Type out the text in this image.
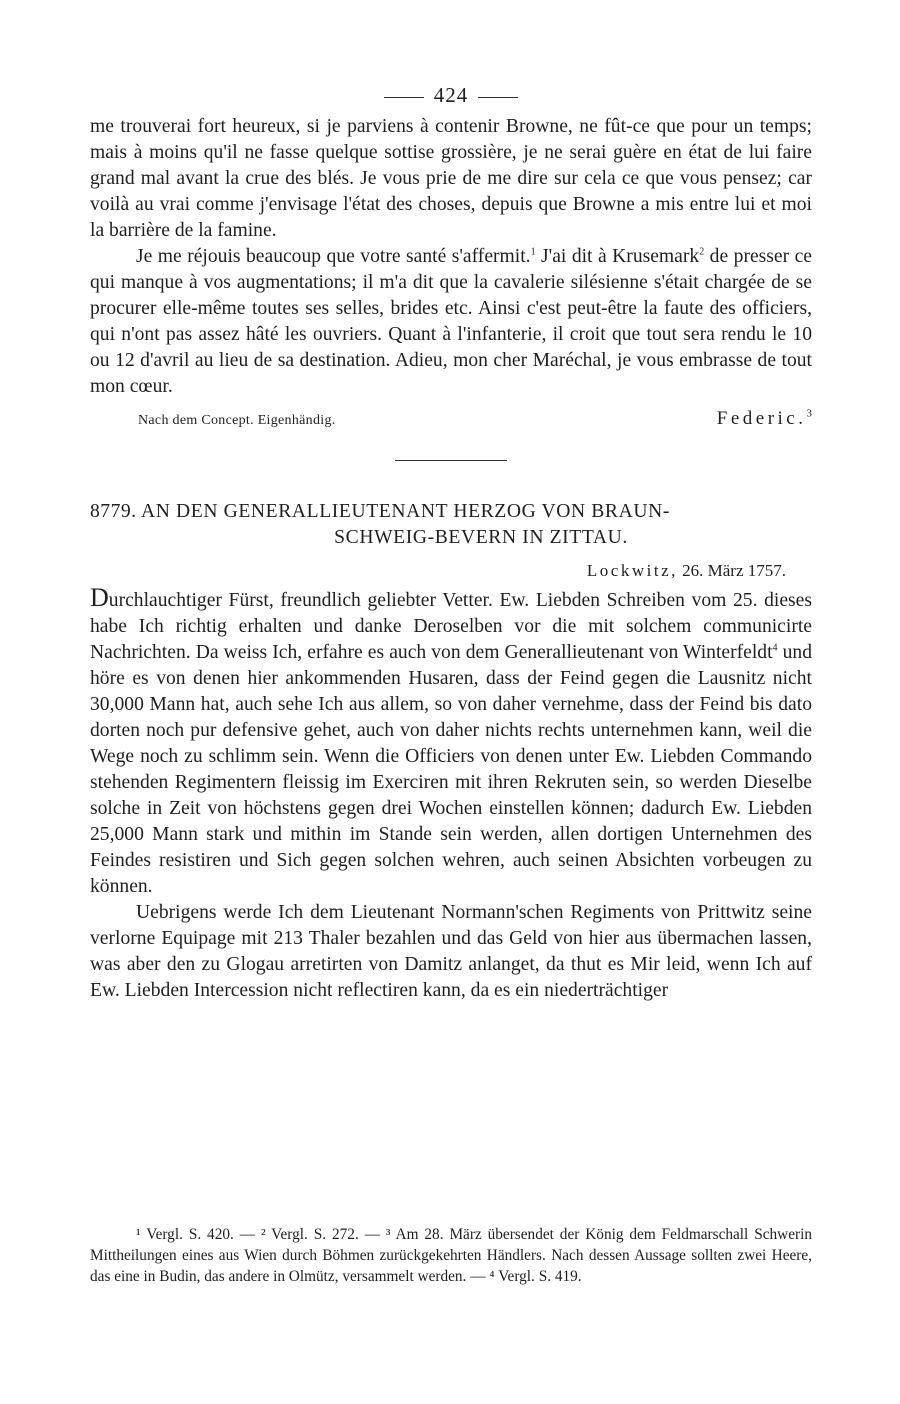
424

me trouverai fort heureux, si je parviens à contenir Browne, ne fût-ce que pour un temps; mais à moins qu'il ne fasse quelque sottise grossière, je ne serai guère en état de lui faire grand mal avant la crue des blés. Je vous prie de me dire sur cela ce que vous pensez; car voilà au vrai comme j'envisage l'état des choses, depuis que Browne a mis entre lui et moi la barrière de la famine.

Je me réjouis beaucoup que votre santé s'affermit.$^1$ J'ai dit à Krusemark$^2$ de presser ce qui manque à vos augmentations; il m'a dit que la cavalerie silésienne s'était chargée de se procurer elle-même toutes ses selles, brides etc. Ainsi c'est peut-être la faute des officiers, qui n'ont pas assez hâté les ouvriers. Quant à l'infanterie, il croit que tout sera rendu le 10 ou 12 d'avril au lieu de sa destination. Adieu, mon cher Maréchal, je vous embrasse de tout mon cœur.

Nach dem Concept. Eigenhändig.	Federic.$^3$
8779. AN DEN GENERALLIEUTENANT HERZOG VON BRAUN-
SCHWEIG-BEVERN IN ZITTAU.
Lockwitz, 26. März 1757.

Durchlauchtiger Fürst, freundlich geliebter Vetter. Ew. Liebden Schreiben vom 25. dieses habe Ich richtig erhalten und danke Deroselben vor die mit solchem communicirte Nachrichten. Da weiss Ich, erfahre es auch von dem Generallieutenant von Winterfeldt$^4$ und höre es von denen hier ankommenden Husaren, dass der Feind gegen die Lausnitz nicht 30,000 Mann hat, auch sehe Ich aus allem, so von daher vernehme, dass der Feind bis dato dorten noch pur defensive gehet, auch von daher nichts rechts unternehmen kann, weil die Wege noch zu schlimm sein. Wenn die Officiers von denen unter Ew. Liebden Commando stehenden Regimentern fleissig im Exerciren mit ihren Rekruten sein, so werden Dieselbe solche in Zeit von höchstens gegen drei Wochen einstellen können; dadurch Ew. Liebden 25,000 Mann stark und mithin im Stande sein werden, allen dortigen Unternehmen des Feindes resistiren und Sich gegen solchen wehren, auch seinen Absichten vorbeugen zu können.

Uebrigens werde Ich dem Lieutenant Normann'schen Regiments von Prittwitz seine verlorne Equipage mit 213 Thaler bezahlen und das Geld von hier aus übermachen lassen, was aber den zu Glogau arretirten von Damitz anlanget, da thut es Mir leid, wenn Ich auf Ew. Liebden Intercession nicht reflectiren kann, da es ein niederträchtiger

¹ Vergl. S. 420. — ² Vergl. S. 272. — ³ Am 28. März übersendet der König dem Feldmarschall Schwerin Mittheilungen eines aus Wien durch Böhmen zurückgekehrten Händlers. Nach dessen Aussage sollten zwei Heere, das eine in Budin, das andere in Olmütz, versammelt werden. — ⁴ Vergl. S. 419.
